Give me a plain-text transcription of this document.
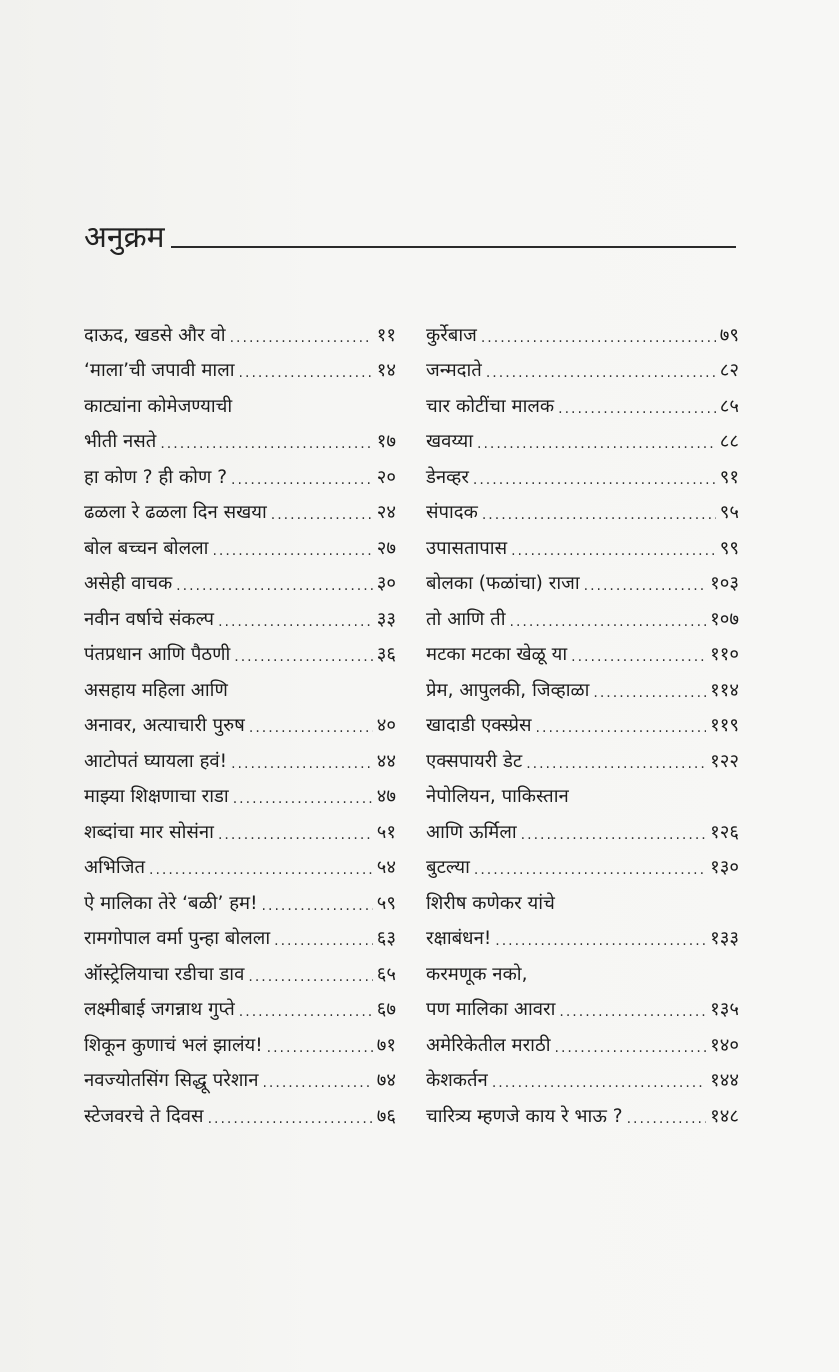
अनुक्रम
दाऊद, खडसे और वो .....	११
‘माला’ची जपावी माला .....	१४
काट्यांना कोमेजण्याची
भीती नसते .....	१७
हा कोण ? ही कोण ? .....	२०
ढळला रे ढळला दिन सखया .....	२४
बोल बच्चन बोलला .....	२७
असेही वाचक .....	३०
नवीन वर्षाचे संकल्प .....	३३
पंतप्रधान आणि पैठणी .....	३६
असहाय महिला आणि
अनावर, अत्याचारी पुरुष .....	४०
आटोपतं घ्यायला हवं! .....	४४
माझ्या शिक्षणाचा राडा .....	४७
शब्दांचा मार सोसंना .....	५१
अभिजित .....	५४
ऐ मालिका तेरे ‘बळी’ हम! .....	५९
रामगोपाल वर्मा पुन्हा बोलला .....	६३
ऑस्ट्रेलियाचा रडीचा डाव .....	६५
लक्ष्मीबाई जगन्नाथ गुप्ते .....	६७
शिकून कुणाचं भलं झालंय! .....	७१
नवज्योतसिंग सिद्धू परेशान .....	७४
स्टेजवरचे ते दिवस .....	७६
कुर्रेबाज .....	७९
जन्मदाते .....	८२
चार कोटींचा मालक .....	८५
खवय्या .....	८८
डेनव्हर .....	९१
संपादक .....	९५
उपासतापास .....	९९
बोलका (फळांचा) राजा .....	१०३
तो आणि ती .....	१०७
मटका मटका खेळू या .....	११०
प्रेम, आपुलकी, जिव्हाळा .....	११४
खादाडी एक्स्प्रेस .....	११९
एक्सपायरी डेट .....	१२२
नेपोलियन, पाकिस्तान
आणि ऊर्मिला .....	१२६
बुटल्या .....	१३०
शिरीष कणेकर यांचे
रक्षाबंधन! .....	१३३
करमणूक नको,
पण मालिका आवरा .....	१३५
अमेरिकेतील मराठी .....	१४०
केशकर्तन .....	१४४
चारित्र्य म्हणजे काय रे भाऊ ? .....	१४८
